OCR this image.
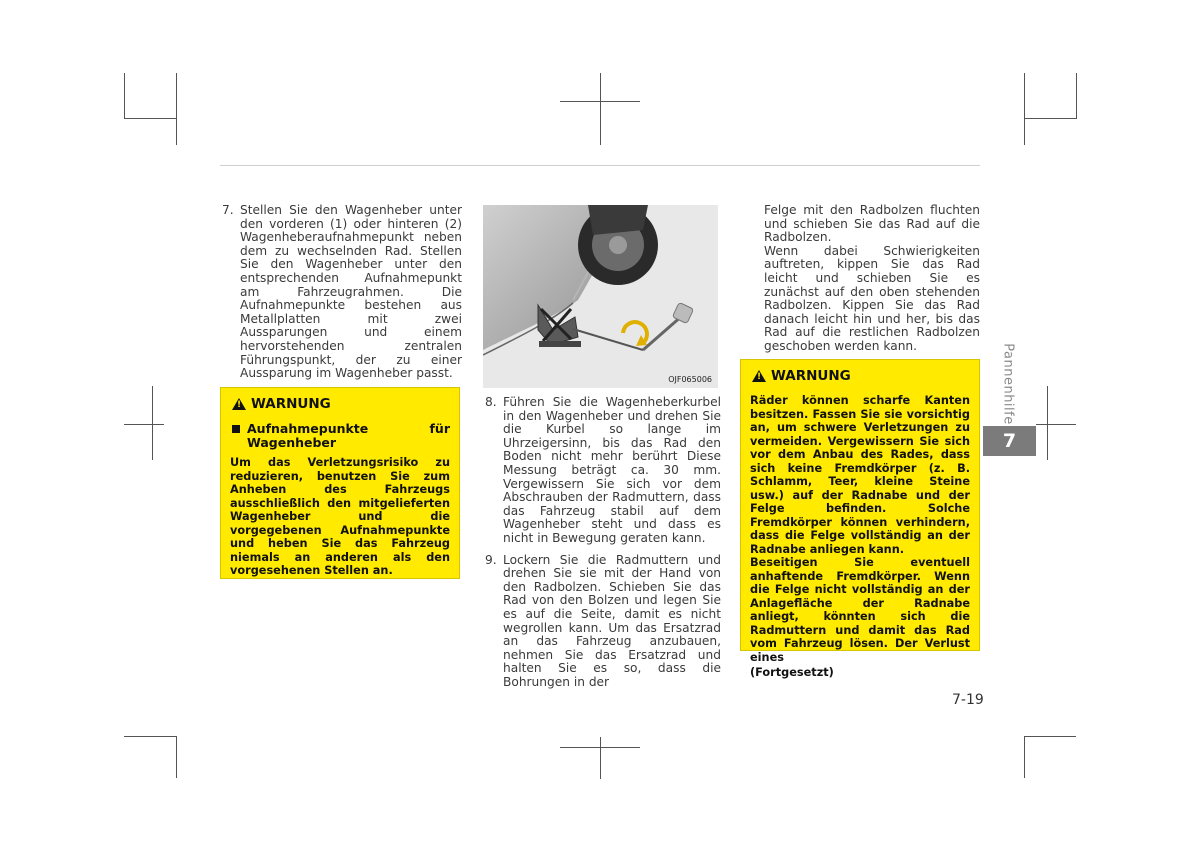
7. Stellen Sie den Wagenheber unter den vorderen (1) oder hinteren (2) Wagenheberaufnahmepunkt neben dem zu wechselnden Rad. Stellen Sie den Wagenheber unter den entsprechenden Aufnahmepunkt am Fahrzeugrahmen. Die Aufnahmepunkte bestehen aus Metallplatten mit zwei Aussparungen und einem hervorstehenden zentralen Führungspunkt, der zu einer Aussparung im Wagenheber passt.
! WARNUNG
Aufnahmepunkte für Wagenheber
Um das Verletzungsrisiko zu reduzieren, benutzen Sie zum Anheben des Fahrzeugs ausschließlich den mitgelieferten Wagenheber und die vorgegebenen Aufnahmepunkte und heben Sie das Fahrzeug niemals an anderen als den vorgesehenen Stellen an.
OJF065006
8. Führen Sie die Wagenheberkurbel in den Wagenheber und drehen Sie die Kurbel so lange im Uhrzeigersinn, bis das Rad den Boden nicht mehr berührt Diese Messung beträgt ca. 30 mm. Vergewissern Sie sich vor dem Abschrauben der Radmuttern, dass das Fahrzeug stabil auf dem Wagenheber steht und dass es nicht in Bewegung geraten kann.
9. Lockern Sie die Radmuttern und drehen Sie sie mit der Hand von den Radbolzen. Schieben Sie das Rad von den Bolzen und legen Sie es auf die Seite, damit es nicht wegrollen kann. Um das Ersatzrad an das Fahrzeug anzubauen, nehmen Sie das Ersatzrad und halten Sie es so, dass die Bohrungen in der
Felge mit den Radbolzen fluchten und schieben Sie das Rad auf die Radbolzen.
Wenn dabei Schwierigkeiten auftreten, kippen Sie das Rad leicht und schieben Sie es zunächst auf den oben stehenden Radbolzen. Kippen Sie das Rad danach leicht hin und her, bis das Rad auf die restlichen Radbolzen geschoben werden kann.
! WARNUNG
Räder können scharfe Kanten besitzen. Fassen Sie sie vorsichtig an, um schwere Verletzungen zu vermeiden. Vergewissern Sie sich vor dem Anbau des Rades, dass sich keine Fremdkörper (z. B. Schlamm, Teer, kleine Steine usw.) auf der Radnabe und der Felge befinden. Solche Fremdkörper können verhindern, dass die Felge vollständig an der Radnabe anliegen kann.
Beseitigen Sie eventuell anhaftende Fremdkörper. Wenn die Felge nicht vollständig an der Anlagefläche der Radnabe anliegt, könnten sich die Radmuttern und damit das Rad vom Fahrzeug lösen. Der Verlust eines
(Fortgesetzt)
Pannenhilfe
7
7-19
